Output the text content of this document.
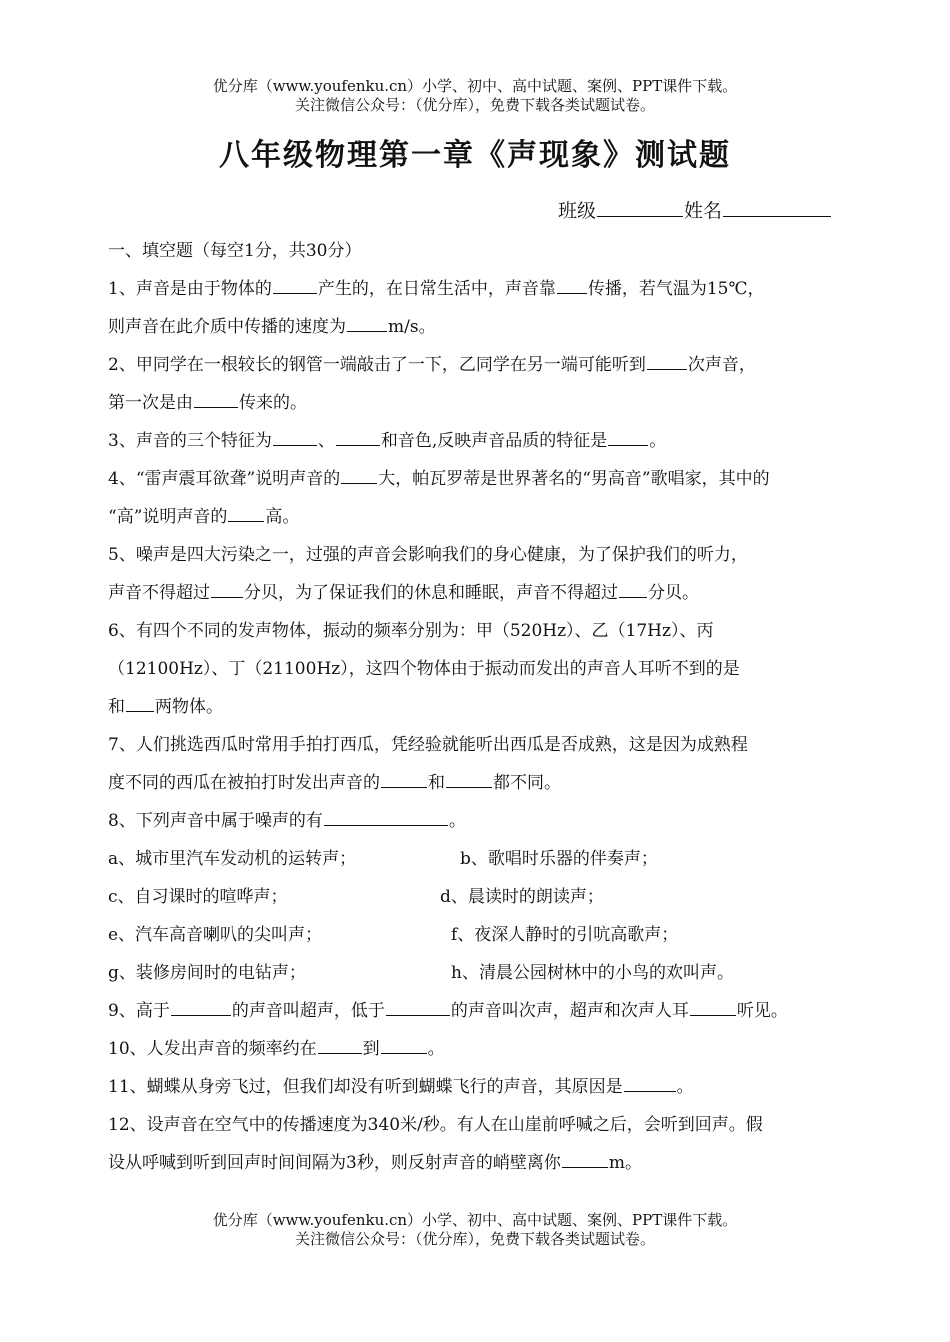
优分库（www.youfenku.cn）小学、初中、高中试题、案例、PPT课件下载。
关注微信公众号：（优分库），免费下载各类试题试卷。
八年级物理第一章《声现象》测试题
班级	姓名
一、填空题（每空1分，共30分）
1、声音是由于物体的	产生的，在日常生活中，声音靠 传播，若气温为15℃，
则声音在此介质中传播的速度为 m/s。
2、甲同学在一根较长的钢管一端敲击了一下，乙同学在另一端可能听到 次声音，
第一次是由	传来的。
3、声音的三个特征为	、	和音色,反映声音品质的特征是 。
4、“雷声震耳欲聋”说明声音的 大，帕瓦罗蒂是世界著名的“男高音”歌唱家，其中的
“高”说明声音的 高。
5、噪声是四大污染之一，过强的声音会影响我们的身心健康，为了保护我们的听力，
声音不得超过 分贝，为了保证我们的休息和睡眠，声音不得超过 分贝。
6、有四个不同的发声物体，振动的频率分别为：甲（520Hz）、乙（17Hz）、丙
（12100Hz）、丁（21100Hz），这四个物体由于振动而发出的声音人耳听不到的是
和 两物体。
7、人们挑选西瓜时常用手拍打西瓜，凭经验就能听出西瓜是否成熟，这是因为成熟程
度不同的西瓜在被拍打时发出声音的	和	都不同。
8、下列声音中属于噪声的有	。
a、城市里汽车发动机的运转声；	b、歌唱时乐器的伴奏声；
c、自习课时的喧哗声；	d、晨读时的朗读声；
e、汽车高音喇叭的尖叫声；	f、夜深人静时的引吭高歌声；
g、装修房间时的电钻声；	h、清晨公园树林中的小鸟的欢叫声。
9、高于	的声音叫超声，低于	的声音叫次声，超声和次声人耳	听见。
10、人发出声音的频率约在	到	。
11、蝴蝶从身旁飞过，但我们却没有听到蝴蝶飞行的声音，其原因是	。
12、设声音在空气中的传播速度为340米/秒。有人在山崖前呼喊之后，会听到回声。假
设从呼喊到听到回声时间间隔为3秒，则反射声音的峭壁离你	m。
优分库（www.youfenku.cn）小学、初中、高中试题、案例、PPT课件下载。
关注微信公众号：（优分库），免费下载各类试题试卷。
